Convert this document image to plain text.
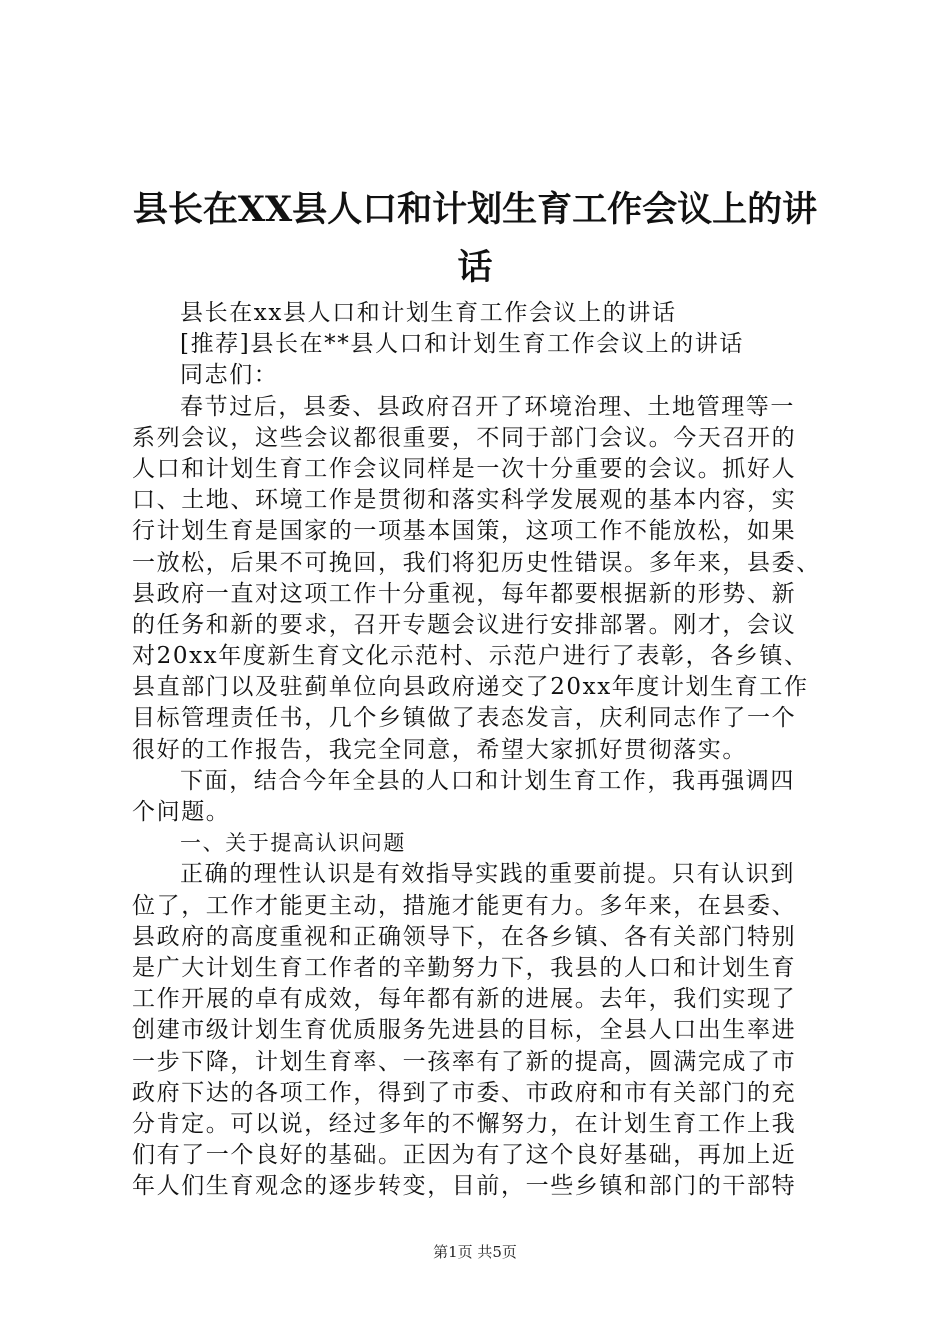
县长在XX县人口和计划生育工作会议上的讲
话
县长在xx县人口和计划生育工作会议上的讲话
[推荐]县长在**县人口和计划生育工作会议上的讲话
同志们：
春节过后，县委、县政府召开了环境治理、土地管理等一
系列会议，这些会议都很重要，不同于部门会议。今天召开的
人口和计划生育工作会议同样是一次十分重要的会议。抓好人
口、土地、环境工作是贯彻和落实科学发展观的基本内容，实
行计划生育是国家的一项基本国策，这项工作不能放松，如果
一放松，后果不可挽回，我们将犯历史性错误。多年来，县委、
县政府一直对这项工作十分重视，每年都要根据新的形势、新
的任务和新的要求，召开专题会议进行安排部署。刚才，会议
对20xx年度新生育文化示范村、示范户进行了表彰，各乡镇、
县直部门以及驻蓟单位向县政府递交了20xx年度计划生育工作
目标管理责任书，几个乡镇做了表态发言，庆利同志作了一个
很好的工作报告，我完全同意，希望大家抓好贯彻落实。
下面，结合今年全县的人口和计划生育工作，我再强调四
个问题。
一、关于提高认识问题
正确的理性认识是有效指导实践的重要前提。只有认识到
位了，工作才能更主动，措施才能更有力。多年来，在县委、
县政府的高度重视和正确领导下，在各乡镇、各有关部门特别
是广大计划生育工作者的辛勤努力下，我县的人口和计划生育
工作开展的卓有成效，每年都有新的进展。去年，我们实现了
创建市级计划生育优质服务先进县的目标，全县人口出生率进
一步下降，计划生育率、一孩率有了新的提高，圆满完成了市
政府下达的各项工作，得到了市委、市政府和市有关部门的充
分肯定。可以说，经过多年的不懈努力，在计划生育工作上我
们有了一个良好的基础。正因为有了这个良好基础，再加上近
年人们生育观念的逐步转变，目前，一些乡镇和部门的干部特
第1页 共5页
